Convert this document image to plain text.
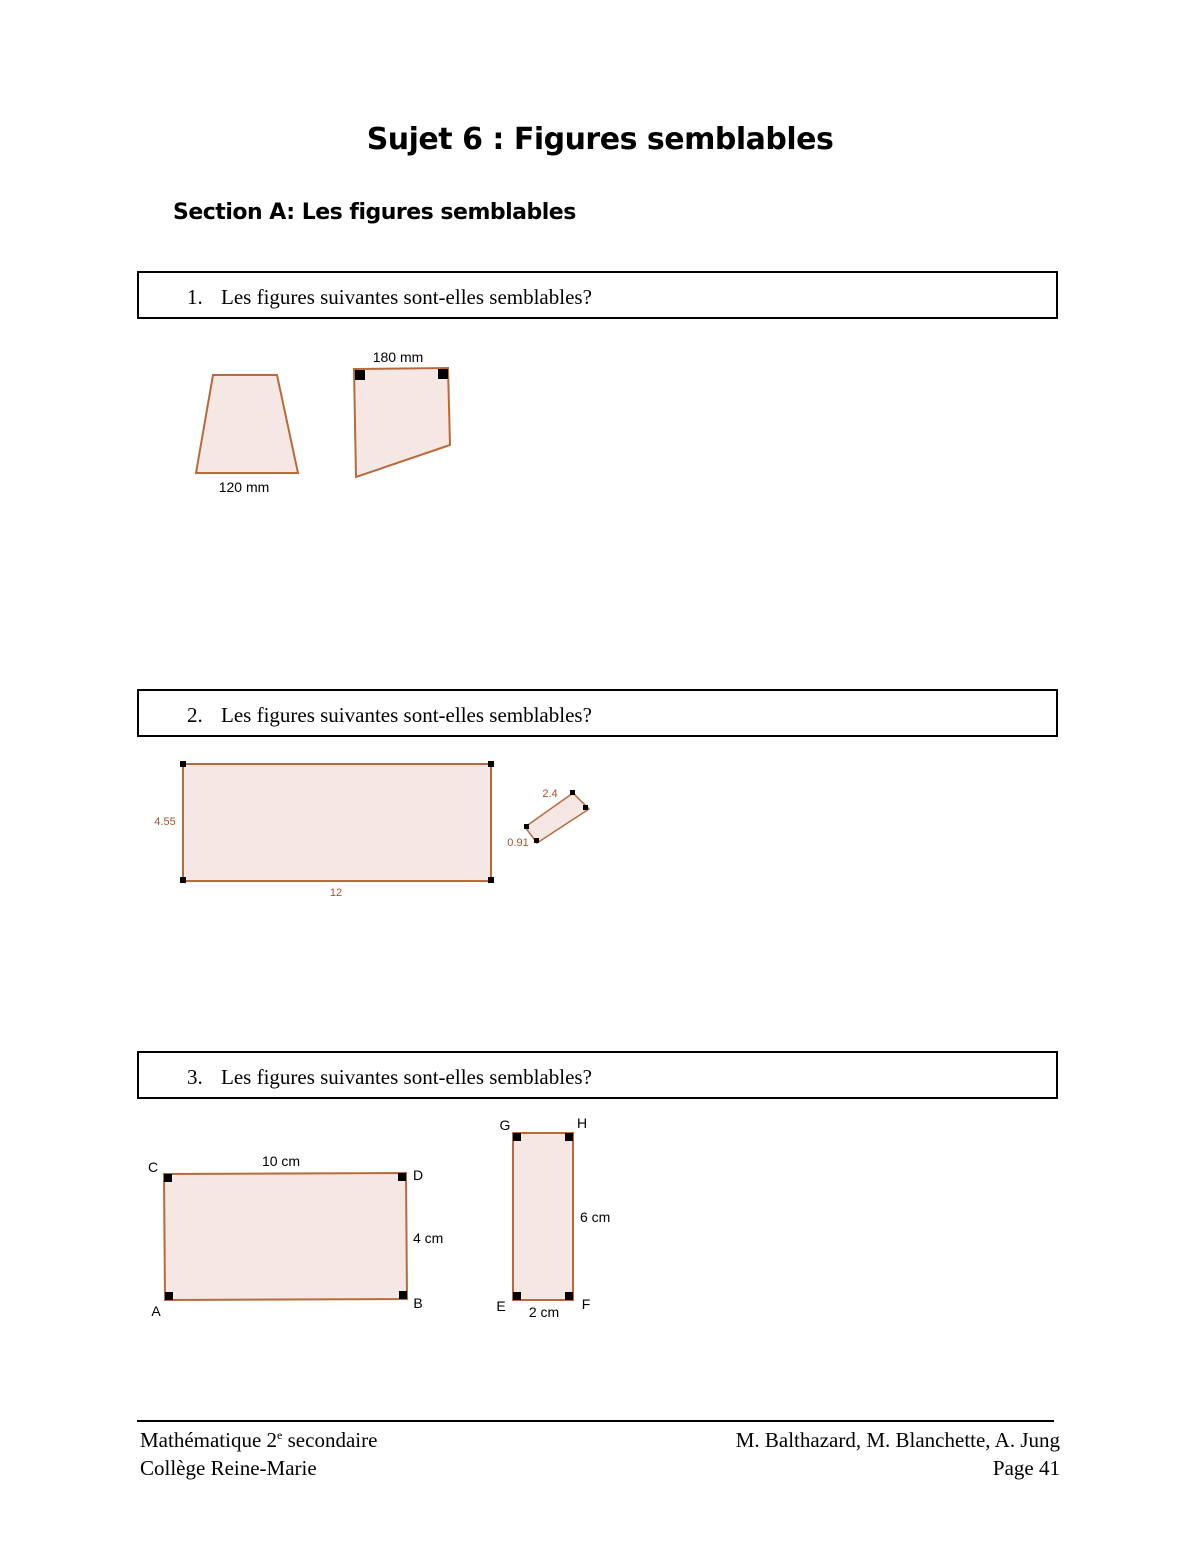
Sujet 6 : Figures semblables
Section A: Les figures semblables
1. Les figures suivantes sont-elles semblables?
2. Les figures suivantes sont-elles semblables?
3. Les figures suivantes sont-elles semblables?
120 mm
180 mm
4.55
12
2.4
0.91
C	D
A	B
10 cm
4 cm
G	H
E	F
6 cm
2 cm
Mathématique 2e secondaire
Collège Reine-Marie
M. Balthazard, M. Blanchette, A. Jung
Page 41
